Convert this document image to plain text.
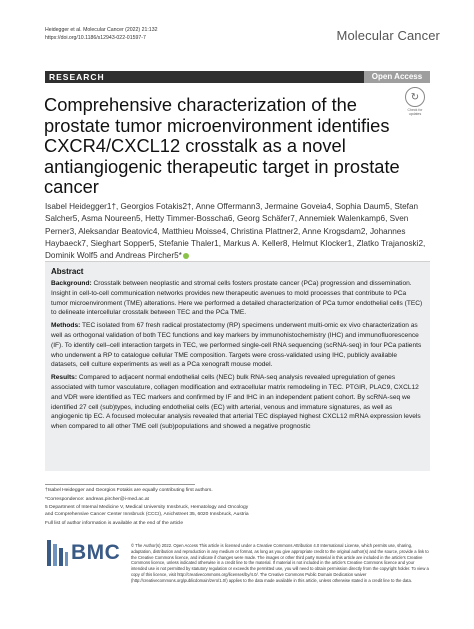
Heidegger et al. Molecular Cancer (2022) 21:132
https://doi.org/10.1186/s12943-022-01597-7	Molecular Cancer
RESEARCH	Open Access
↻
Check for updates
Comprehensive characterization of the prostate tumor microenvironment identifies CXCR4/CXCL12 crosstalk as a novel antiangiogenic therapeutic target in prostate cancer
Isabel Heidegger1†, Georgios Fotakis2†, Anne Offermann3, Jermaine Goveia4, Sophia Daum5, Stefan Salcher5, Asma Noureen5, Hetty Timmer-Bosscha6, Georg Schäfer7, Annemiek Walenkamp6, Sven Perner3, Aleksandar Beatovic4, Matthieu Moisse4, Christina Plattner2, Anne Krogsdam2, Johannes Haybaeck7, Sieghart Sopper5, Stefanie Thaler1, Markus A. Keller8, Helmut Klocker1, Zlatko Trajanoski2, Dominik Wolf5 and Andreas Pircher5*
Abstract

Background: Crosstalk between neoplastic and stromal cells fosters prostate cancer (PCa) progression and dissemination. Insight in cell-to-cell communication networks provides new therapeutic avenues to mold processes that contribute to PCa tumor microenvironment (TME) alterations. Here we performed a detailed characterization of PCa tumor endothelial cells (TEC) to delineate intercellular crosstalk between TEC and the PCa TME.

Methods: TEC isolated from 67 fresh radical prostatectomy (RP) specimens underwent multi-omic ex vivo characterization as well as orthogonal validation of both TEC functions and key markers by immunohistochemistry (IHC) and immunofluorescence (IF). To identify cell–cell interaction targets in TEC, we performed single-cell RNA sequencing (scRNA-seq) in four PCa patients who underwent a RP to catalogue cellular TME composition. Targets were cross-validated using IHC, publicly available datasets, cell culture experiments as well as a PCa xenograft mouse model.

Results: Compared to adjacent normal endothelial cells (NEC) bulk RNA-seq analysis revealed upregulation of genes associated with tumor vasculature, collagen modification and extracellular matrix remodeling in TEC. PTGIR, PLAC9, CXCL12 and VDR were identified as TEC markers and confirmed by IF and IHC in an independent patient cohort. By scRNA-seq we identified 27 cell (sub)types, including endothelial cells (EC) with arterial, venous and immature signatures, as well as angiogenic tip EC. A focused molecular analysis revealed that arterial TEC displayed highest CXCL12 mRNA expression levels when compared to all other TME cell (sub)populations and showed a negative prognostic

†Isabel Heidegger and Georgios Fotakis are equally contributing first authors.
*Correspondence: andreas.pircher@i-med.ac.at
5 Department of Internal Medicine V, Medical University Innsbruck, Hematology and Oncology and Comprehensive Cancer Center Innsbruck (CCCI), Anichstreet 35, 6020 Innsbruck, Austria
Full list of author information is available at the end of the article
BMC	© The Author(s) 2022. Open Access This article is licensed under a Creative Commons Attribution 4.0 International License, which permits use, sharing, adaptation, distribution and reproduction in any medium or format, as long as you give appropriate credit to the original author(s) and the source, provide a link to the Creative Commons licence, and indicate if changes were made. The images or other third party material in this article are included in the article's Creative Commons licence, unless indicated otherwise in a credit line to the material. If material is not included in the article's Creative Commons licence and your intended use is not permitted by statutory regulation or exceeds the permitted use, you will need to obtain permission directly from the copyright holder. To view a copy of this licence, visit http://creativecommons.org/licenses/by/4.0/. The Creative Commons Public Domain Dedication waiver (http://creativecommons.org/publicdomain/zero/1.0/) applies to the data made available in this article, unless otherwise stated in a credit line to the data.
